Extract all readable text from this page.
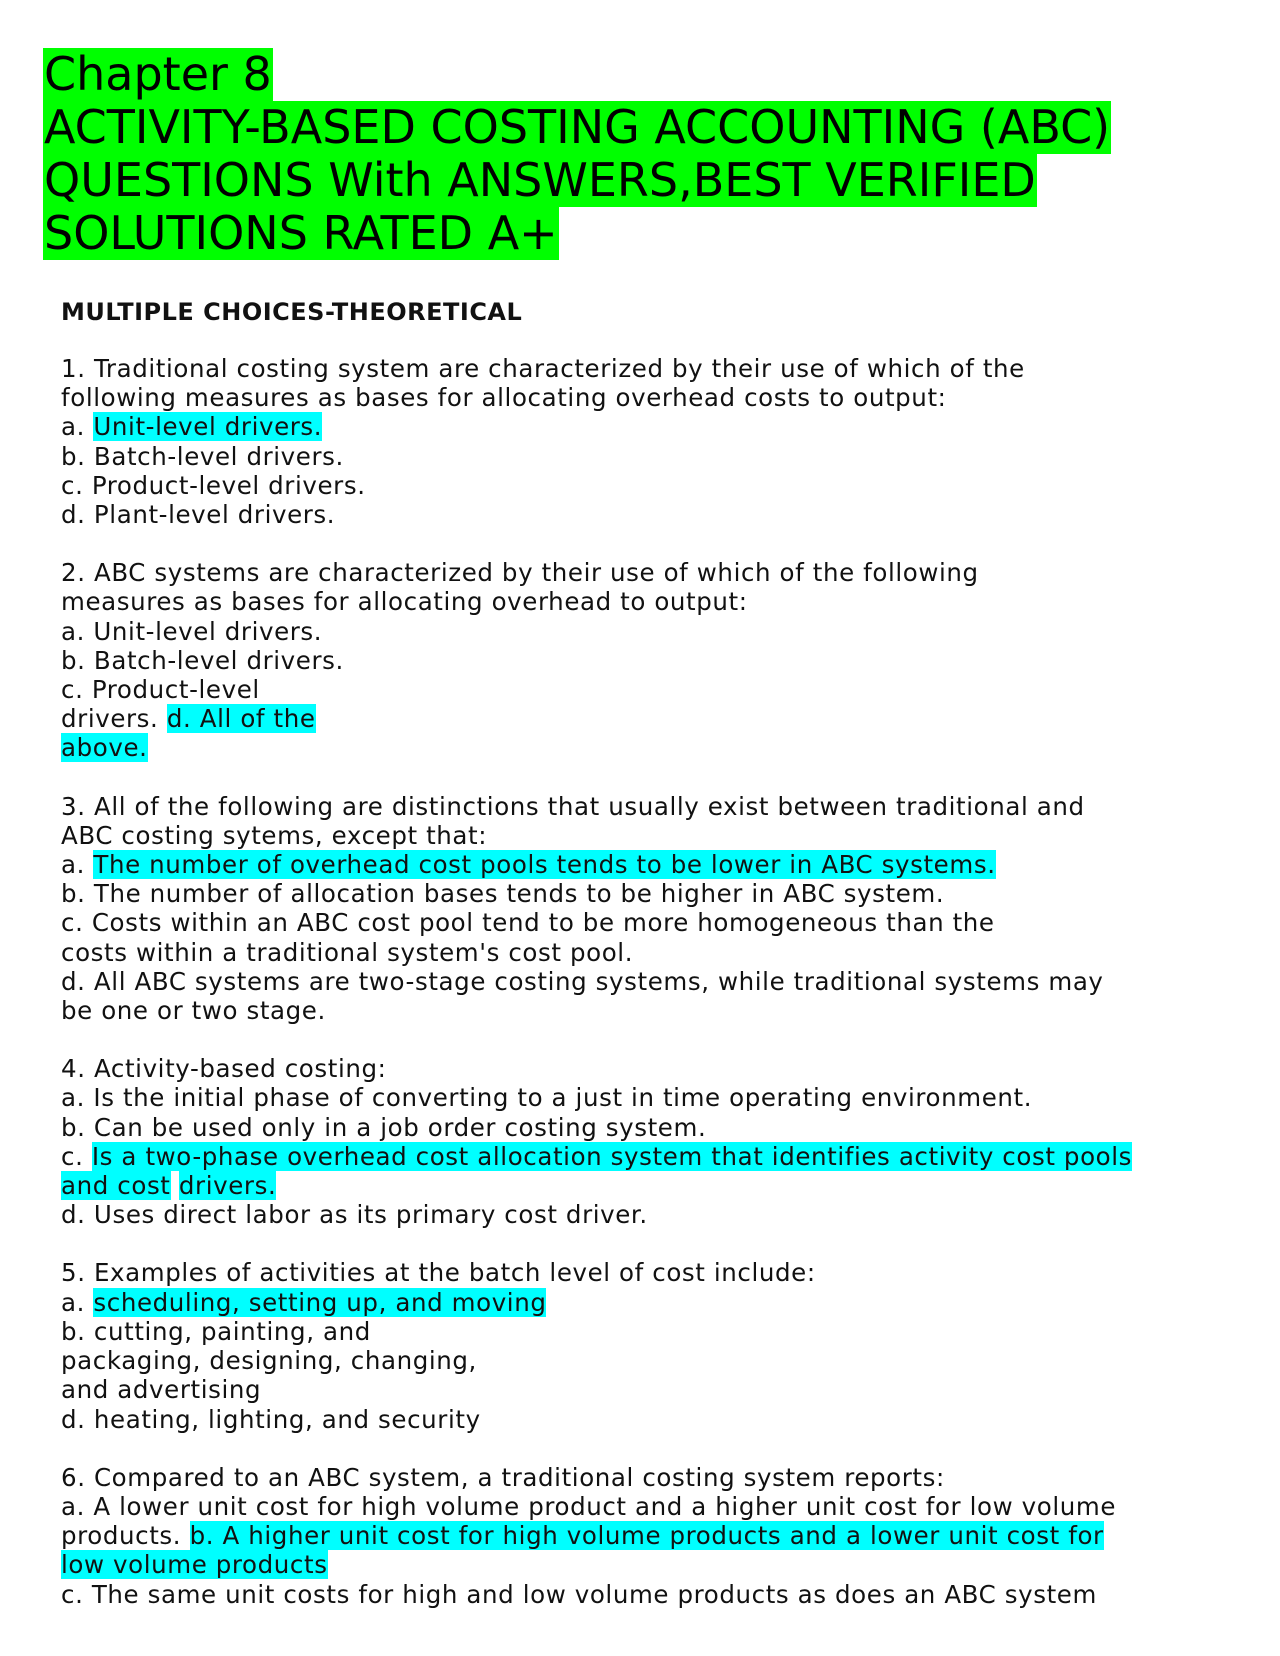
Chapter 8
ACTIVITY-BASED COSTING ACCOUNTING (ABC)
QUESTIONS With ANSWERS,BEST VERIFIED
SOLUTIONS RATED A+
MULTIPLE CHOICES-THEORETICAL
1. Traditional costing system are characterized by their use of which of the
following measures as bases for allocating overhead costs to output:
a. Unit-level drivers.
b. Batch-level drivers.
c. Product-level drivers.
d. Plant-level drivers.
2. ABC systems are characterized by their use of which of the following
measures as bases for allocating overhead to output:
a. Unit-level drivers.
b. Batch-level drivers.
c. Product-level
drivers. d. All of the
above.
3. All of the following are distinctions that usually exist between traditional and
ABC costing sytems, except that:
a. The number of overhead cost pools tends to be lower in ABC systems.
b. The number of allocation bases tends to be higher in ABC system.
c. Costs within an ABC cost pool tend to be more homogeneous than the
costs within a traditional system's cost pool.
d. All ABC systems are two-stage costing systems, while traditional systems may
be one or two stage.
4. Activity-based costing:
a. Is the initial phase of converting to a just in time operating environment.
b. Can be used only in a job order costing system.
c. Is a two-phase overhead cost allocation system that identifies activity cost pools
and cost drivers.
d. Uses direct labor as its primary cost driver.
5. Examples of activities at the batch level of cost include:
a. scheduling, setting up, and moving
b. cutting, painting, and
packaging, designing, changing,
and advertising
d. heating, lighting, and security
6. Compared to an ABC system, a traditional costing system reports:
a. A lower unit cost for high volume product and a higher unit cost for low volume
products. b. A higher unit cost for high volume products and a lower unit cost for
low volume products
c. The same unit costs for high and low volume products as does an ABC system
